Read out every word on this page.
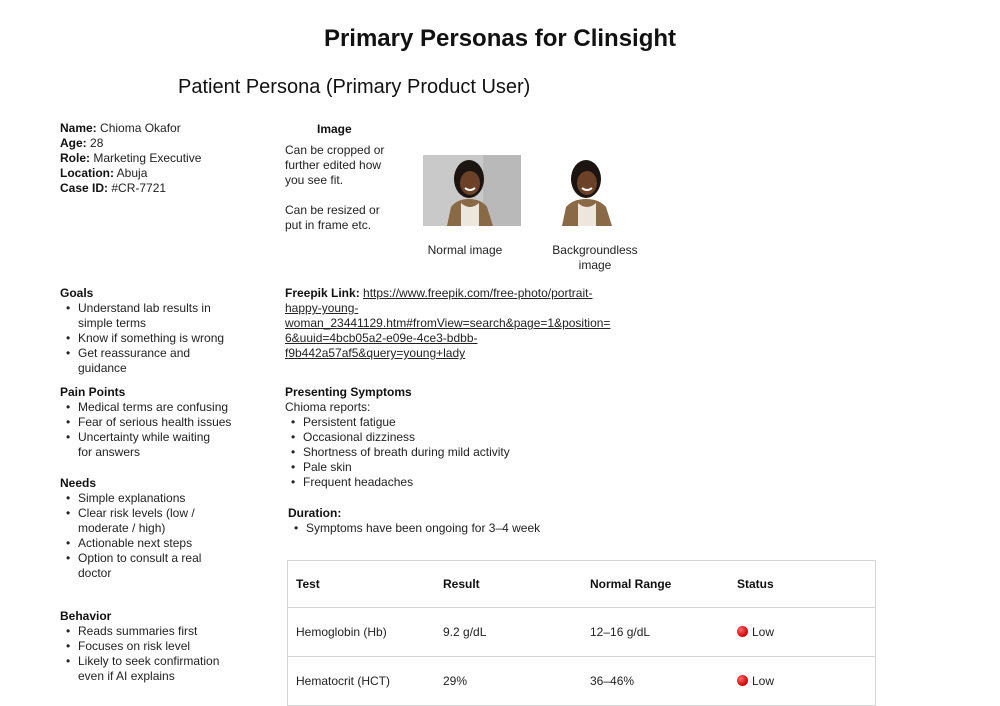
Primary Personas for Clinsight
Patient Persona (Primary Product User)
Name: Chioma Okafor
Age: 28
Role: Marketing Executive
Location: Abuja
Case ID: #CR-7721
Image
Can be cropped or
further edited how
you see fit.
Can be resized or
put in frame etc.
Normal image	Backgroundless
image
Goals
• Understand lab results in
simple terms
• Know if something is wrong
• Get reassurance and
guidance
Pain Points
• Medical terms are confusing
• Fear of serious health issues
• Uncertainty while waiting
for answers
Needs
• Simple explanations
• Clear risk levels (low /
moderate / high)
• Actionable next steps
• Option to consult a real
doctor
Behavior
• Reads summaries first
• Focuses on risk level
• Likely to seek confirmation
even if AI explains
Freepik Link: https://www.freepik.com/free-photo/portrait-
happy-young-
woman_23441129.htm#fromView=search&page=1&position=
6&uuid=4bcb05a2-e09e-4ce3-bdbb-
f9b442a57af5&query=young+lady
Presenting Symptoms
Chioma reports:
• Persistent fatigue
• Occasional dizziness
• Shortness of breath during mild activity
• Pale skin
• Frequent headaches
Duration:
• Symptoms have been ongoing for 3–4 week
Test	Result	Normal Range	Status
Hemoglobin (Hb)	9.2 g/dL	12–16 g/dL	Low
Hematocrit (HCT)	29%	36–46%	Low
